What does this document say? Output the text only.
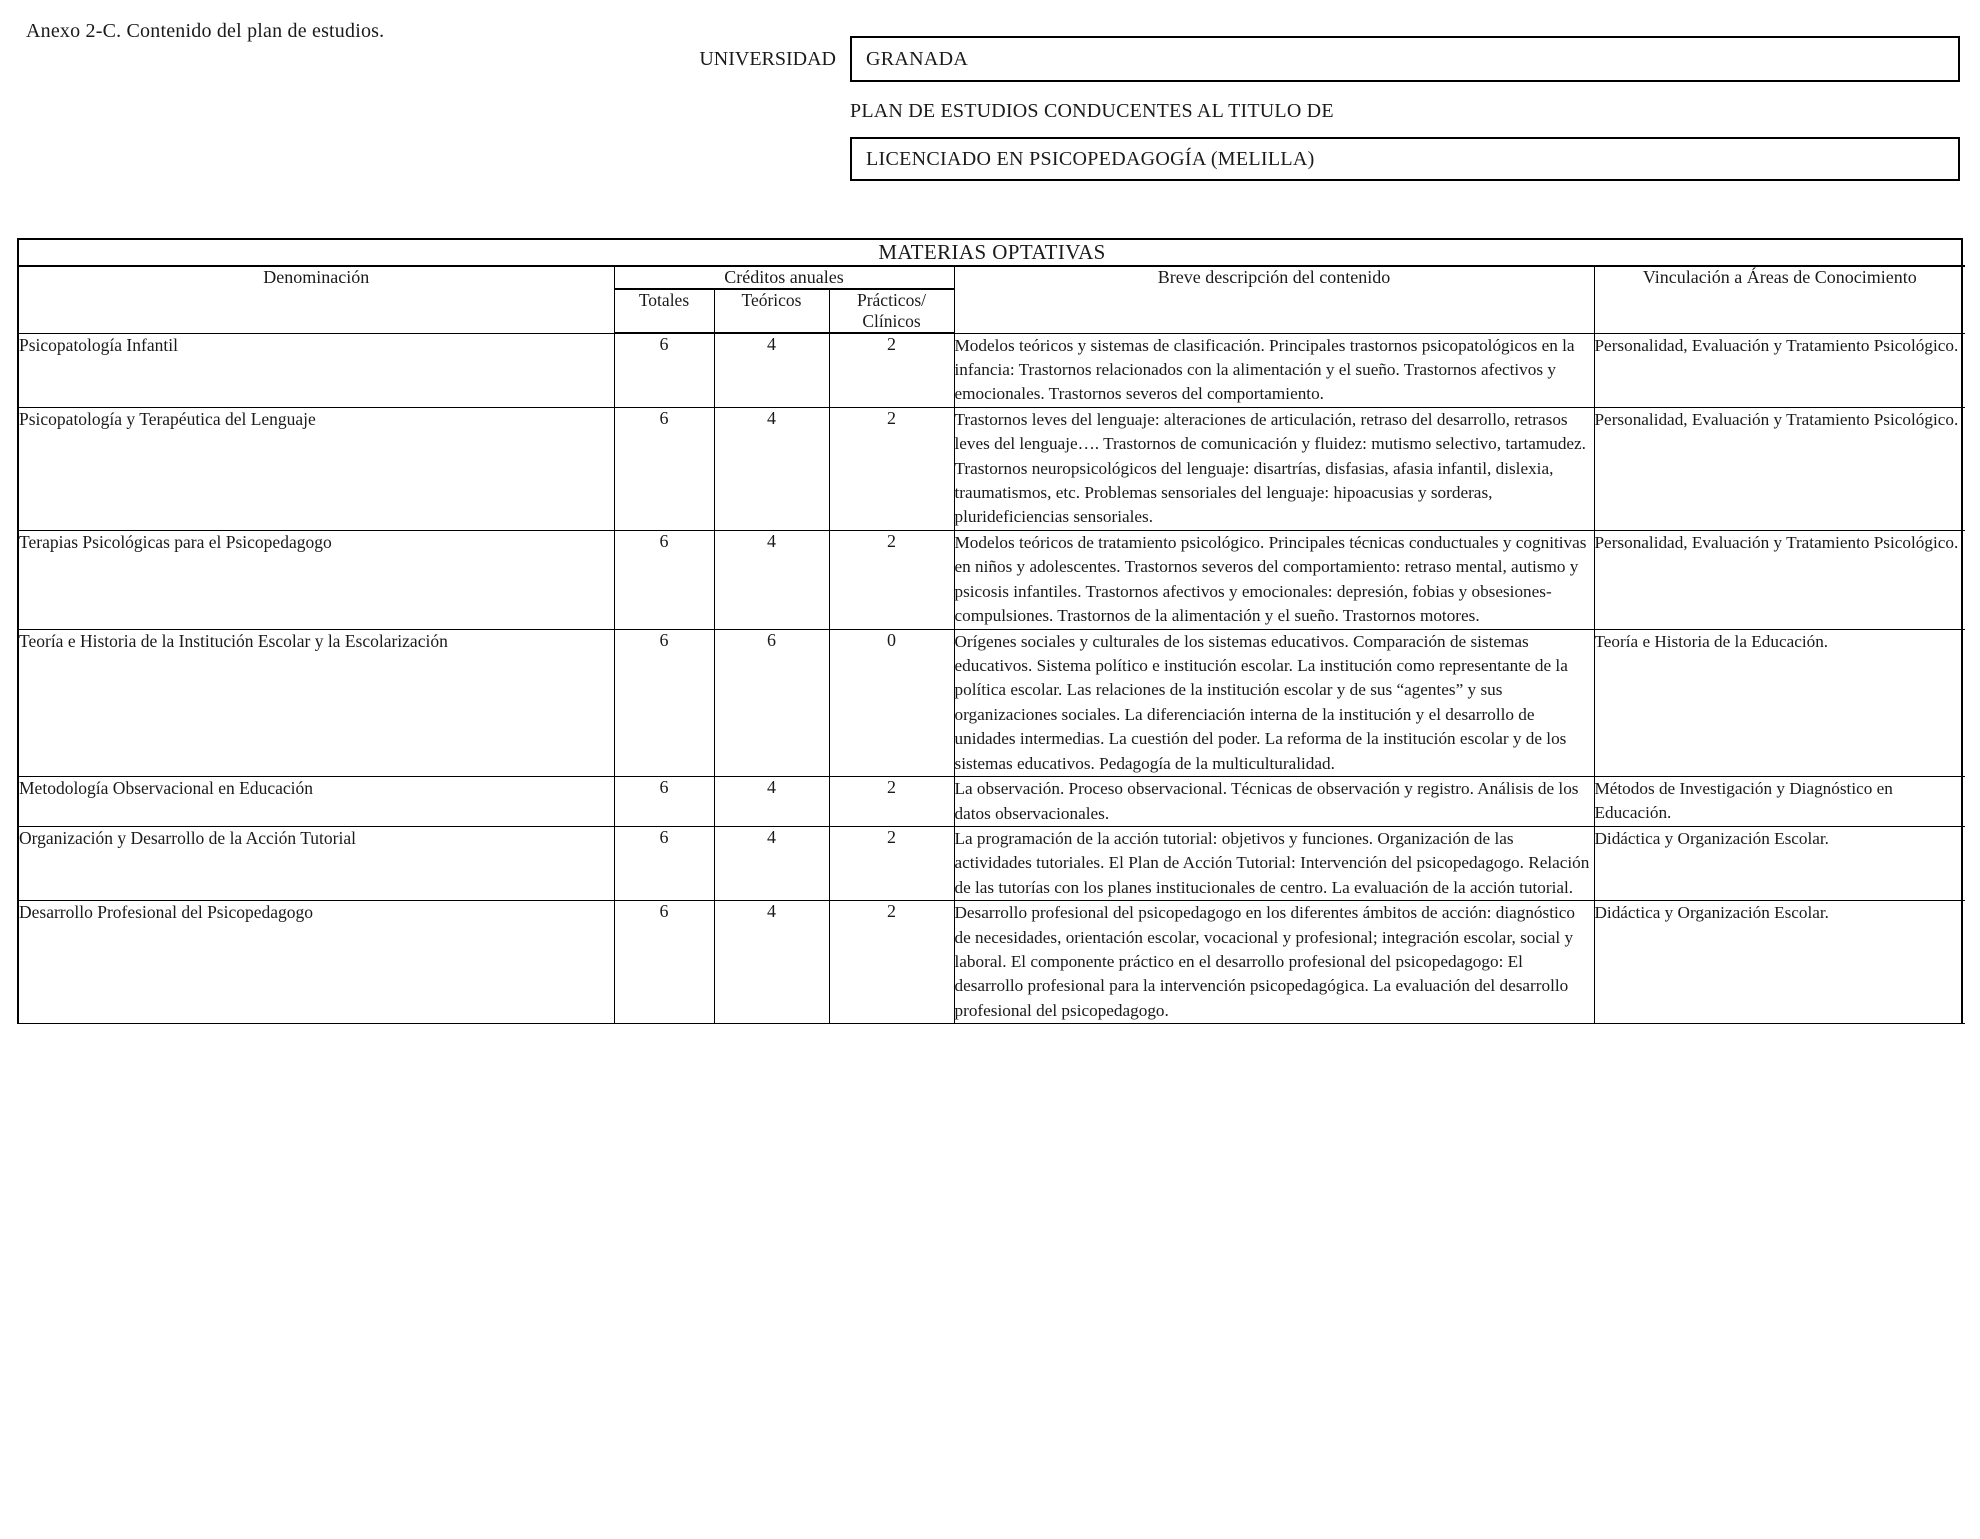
Anexo 2-C. Contenido del plan de estudios.
UNIVERSIDAD	GRANADA
PLAN DE ESTUDIOS CONDUCENTES AL TITULO DE
LICENCIADO EN PSICOPEDAGOGÍA (MELILLA)
MATERIAS OPTATIVAS					
Denominación	Créditos anuales			Breve descripción del contenido	Vinculación a Áreas de Conocimiento
	Totales	Teóricos	Prácticos/
Clínicos		
Psicopatología Infantil	6	4	2	Modelos teóricos y sistemas de clasificación. Principales trastornos psicopatológicos en la infancia: Trastornos relacionados con la alimentación y el sueño. Trastornos afectivos y emocionales. Trastornos severos del comportamiento.	Personalidad, Evaluación y Tratamiento Psicológico.
Psicopatología y Terapéutica del Lenguaje	6	4	2	Trastornos leves del lenguaje: alteraciones de articulación, retraso del desarrollo, retrasos leves del lenguaje…. Trastornos de comunicación y fluidez: mutismo selectivo, tartamudez. Trastornos neuropsicológicos del lenguaje: disartrías, disfasias, afasia infantil, dislexia, traumatismos, etc. Problemas sensoriales del lenguaje: hipoacusias y sorderas, plurideficiencias sensoriales.	Personalidad, Evaluación y Tratamiento Psicológico.
Terapias Psicológicas para el Psicopedagogo	6	4	2	Modelos teóricos de tratamiento psicológico. Principales técnicas conductuales y cognitivas en niños y adolescentes. Trastornos severos del comportamiento: retraso mental, autismo y psicosis infantiles. Trastornos afectivos y emocionales: depresión, fobias y obsesiones-compulsiones. Trastornos de la alimentación y el sueño. Trastornos motores.	Personalidad, Evaluación y Tratamiento Psicológico.
Teoría e Historia de la Institución Escolar y la Escolarización	6	6	0	Orígenes sociales y culturales de los sistemas educativos. Comparación de sistemas educativos. Sistema político e institución escolar. La institución como representante de la política escolar. Las relaciones de la institución escolar y de sus “agentes” y sus organizaciones sociales. La diferenciación interna de la institución y el desarrollo de unidades intermedias. La cuestión del poder. La reforma de la institución escolar y de los sistemas educativos. Pedagogía de la multiculturalidad.	Teoría e Historia de la Educación.
Metodología Observacional en Educación	6	4	2	La observación. Proceso observacional. Técnicas de observación y registro. Análisis de los datos observacionales.	Métodos de Investigación y Diagnóstico en Educación.
Organización y Desarrollo de la Acción Tutorial	6	4	2	La programación de la acción tutorial: objetivos y funciones. Organización de las actividades tutoriales. El Plan de Acción Tutorial: Intervención del psicopedagogo. Relación de las tutorías con los planes institucionales de centro. La evaluación de la acción tutorial.	Didáctica y Organización Escolar.
Desarrollo Profesional del Psicopedagogo	6	4	2	Desarrollo profesional del psicopedagogo en los diferentes ámbitos de acción: diagnóstico de necesidades, orientación escolar, vocacional y profesional; integración escolar, social y laboral. El componente práctico en el desarrollo profesional del psicopedagogo: El desarrollo profesional para la intervención psicopedagógica. La evaluación del desarrollo profesional del psicopedagogo.	Didáctica y Organización Escolar.
